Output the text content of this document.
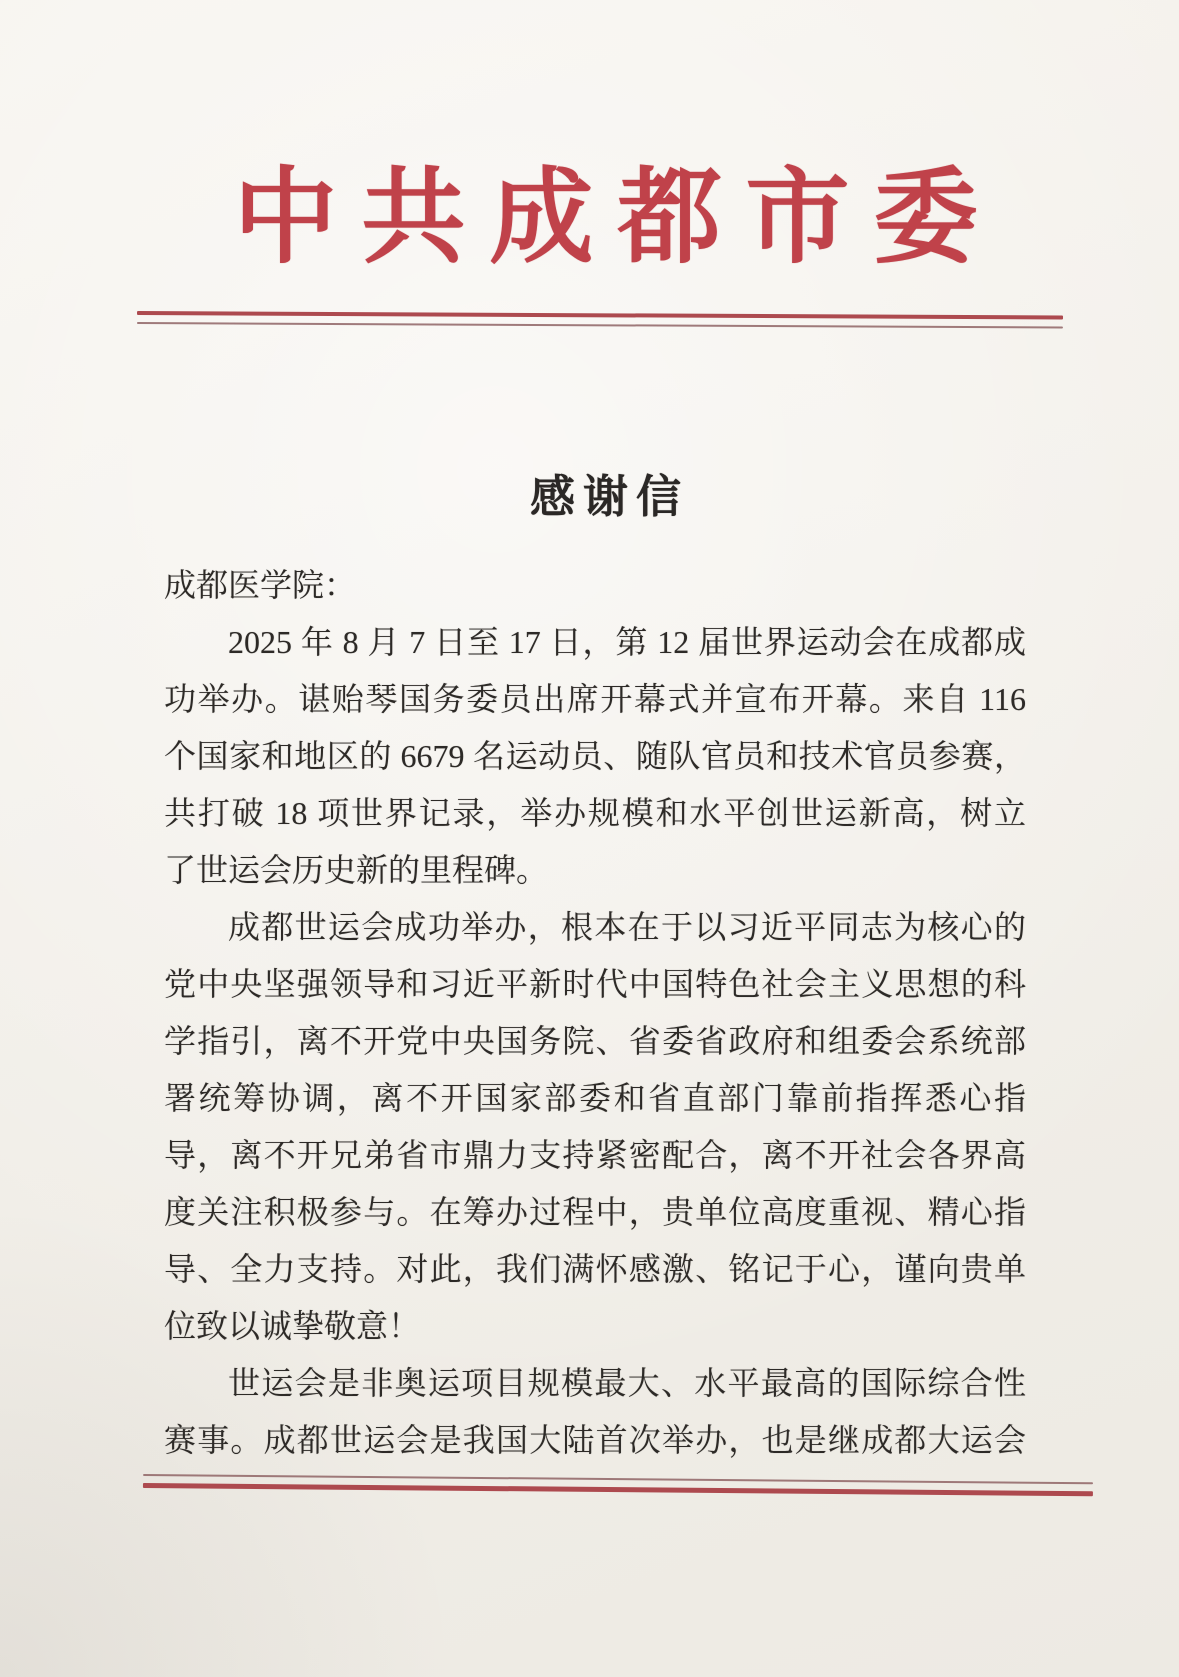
中共成都市委
感谢信
成都医学院：
2025 年 8 月 7 日至 17 日，第 12 届世界运动会在成都成
功举办。谌贻琴国务委员出席开幕式并宣布开幕。来自 116
个国家和地区的 6679 名运动员、随队官员和技术官员参赛，
共打破 18 项世界记录，举办规模和水平创世运新高，树立
了世运会历史新的里程碑。
成都世运会成功举办，根本在于以习近平同志为核心的
党中央坚强领导和习近平新时代中国特色社会主义思想的科
学指引，离不开党中央国务院、省委省政府和组委会系统部
署统筹协调，离不开国家部委和省直部门靠前指挥悉心指
导，离不开兄弟省市鼎力支持紧密配合，离不开社会各界高
度关注积极参与。在筹办过程中，贵单位高度重视、精心指
导、全力支持。对此，我们满怀感激、铭记于心，谨向贵单
位致以诚挚敬意！
世运会是非奥运项目规模最大、水平最高的国际综合性
赛事。成都世运会是我国大陆首次举办，也是继成都大运会
